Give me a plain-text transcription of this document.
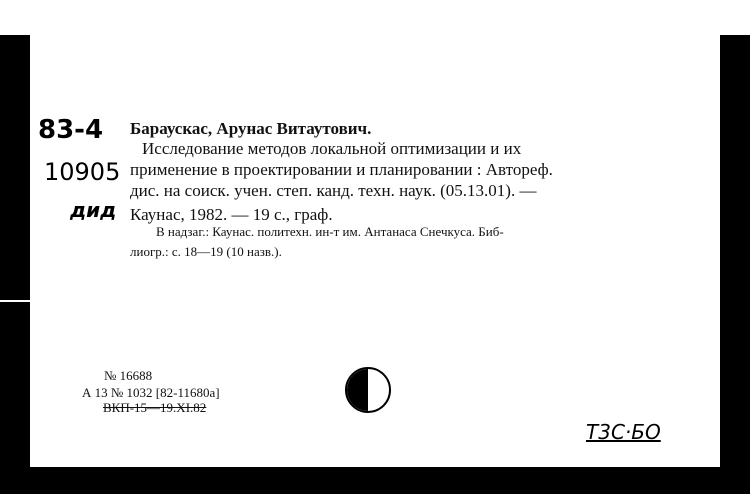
83-4
10905
дид
Бараускас, Арунас Витаутович.
Исследование методов локальной оптимизации и их
применение в проектировании и планировании : Автореф.
дис. на соиск. учен. степ. канд. техн. наук. (05.13.01). —
Каунас, 1982. — 19 с., граф.
В надзаг.: Каунас. политехн. ин-т им. Антанаса Снечкуса. Биб-
лиогр.: с. 18—19 (10 назв.).
№ 16688
А 13 № 1032 [82-11680а]
ВКП-15—19.XI.82
Т3С·БО
